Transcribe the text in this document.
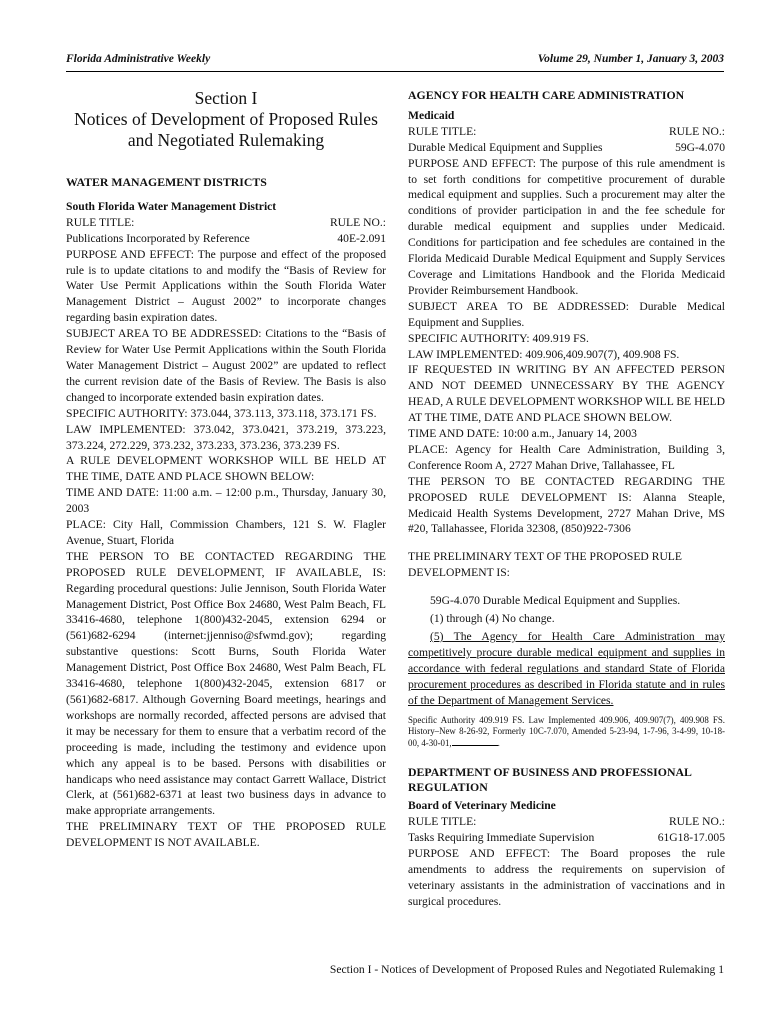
Florida Administrative Weekly	Volume 29, Number 1, January 3, 2003
Section I
Notices of Development of Proposed Rules
and Negotiated Rulemaking
WATER MANAGEMENT DISTRICTS
South Florida Water Management District
RULE TITLE:	RULE NO.:
Publications Incorporated by Reference	40E-2.091

PURPOSE AND EFFECT: The purpose and effect of the proposed rule is to update citations to and modify the “Basis of Review for Water Use Permit Applications within the South Florida Water Management District – August 2002” to incorporate changes regarding basin expiration dates.

SUBJECT AREA TO BE ADDRESSED: Citations to the “Basis of Review for Water Use Permit Applications within the South Florida Water Management District – August 2002” are updated to reflect the current revision date of the Basis of Review. The Basis is also changed to incorporate extended basin expiration dates.

SPECIFIC AUTHORITY: 373.044, 373.113, 373.118, 373.171 FS.

LAW IMPLEMENTED: 373.042, 373.0421, 373.219, 373.223, 373.224, 272.229, 373.232, 373.233, 373.236, 373.239 FS.

A RULE DEVELOPMENT WORKSHOP WILL BE HELD AT THE TIME, DATE AND PLACE SHOWN BELOW:

TIME AND DATE: 11:00 a.m. – 12:00 p.m., Thursday, January 30, 2003

PLACE: City Hall, Commission Chambers, 121 S. W. Flagler Avenue, Stuart, Florida

THE PERSON TO BE CONTACTED REGARDING THE PROPOSED RULE DEVELOPMENT, IF AVAILABLE, IS: Regarding procedural questions: Julie Jennison, South Florida Water Management District, Post Office Box 24680, West Palm Beach, FL 33416-4680, telephone 1(800)432-2045, extension 6294 or (561)682-6294 (internet:jjenniso@sfwmd.gov); regarding substantive questions: Scott Burns, South Florida Water Management District, Post Office Box 24680, West Palm Beach, FL 33416-4680, telephone 1(800)432-2045, extension 6817 or (561)682-6817. Although Governing Board meetings, hearings and workshops are normally recorded, affected persons are advised that it may be necessary for them to ensure that a verbatim record of the proceeding is made, including the testimony and evidence upon which any appeal is to be based. Persons with disabilities or handicaps who need assistance may contact Garrett Wallace, District Clerk, at (561)682-6371 at least two business days in advance to make appropriate arrangements.

THE PRELIMINARY TEXT OF THE PROPOSED RULE DEVELOPMENT IS NOT AVAILABLE.

AGENCY FOR HEALTH CARE ADMINISTRATION
Medicaid
RULE TITLE:	RULE NO.:
Durable Medical Equipment and Supplies	59G-4.070

PURPOSE AND EFFECT: The purpose of this rule amendment is to set forth conditions for competitive procurement of durable medical equipment and supplies. Such a procurement may alter the conditions of provider participation in and the fee schedule for durable medical equipment and supplies under Medicaid. Conditions for participation and fee schedules are contained in the Florida Medicaid Durable Medical Equipment and Supply Services Coverage and Limitations Handbook and the Florida Medicaid Provider Reimbursement Handbook.

SUBJECT AREA TO BE ADDRESSED: Durable Medical Equipment and Supplies.

SPECIFIC AUTHORITY: 409.919 FS.

LAW IMPLEMENTED: 409.906,409.907(7), 409.908 FS.

IF REQUESTED IN WRITING BY AN AFFECTED PERSON AND NOT DEEMED UNNECESSARY BY THE AGENCY HEAD, A RULE DEVELOPMENT WORKSHOP WILL BE HELD AT THE TIME, DATE AND PLACE SHOWN BELOW.

TIME AND DATE: 10:00 a.m., January 14, 2003

PLACE: Agency for Health Care Administration, Building 3, Conference Room A, 2727 Mahan Drive, Tallahassee, FL

THE PERSON TO BE CONTACTED REGARDING THE PROPOSED RULE DEVELOPMENT IS: Alanna Steaple, Medicaid Health Systems Development, 2727 Mahan Drive, MS #20, Tallahassee, Florida 32308, (850)922-7306

THE PRELIMINARY TEXT OF THE PROPOSED RULE DEVELOPMENT IS:

59G-4.070 Durable Medical Equipment and Supplies.

(1) through (4) No change.

(5) The Agency for Health Care Administration may competitively procure durable medical equipment and supplies in accordance with federal regulations and standard State of Florida procurement procedures as described in Florida statute and in rules of the Department of Management Services.

Specific Authority 409.919 FS. Law Implemented 409.906, 409.907(7), 409.908 FS. History–New 8-26-92, Formerly 10C-7.070, Amended 5-23-94, 1-7-96, 3-4-99, 10-18-00, 4-30-01,	.

DEPARTMENT OF BUSINESS AND PROFESSIONAL REGULATION
Board of Veterinary Medicine
RULE TITLE:	RULE NO.:
Tasks Requiring Immediate Supervision	61G18-17.005

PURPOSE AND EFFECT: The Board proposes the rule amendments to address the requirements on supervision of veterinary assistants in the administration of vaccinations and in surgical procedures.

Section I - Notices of Development of Proposed Rules and Negotiated Rulemaking 1
